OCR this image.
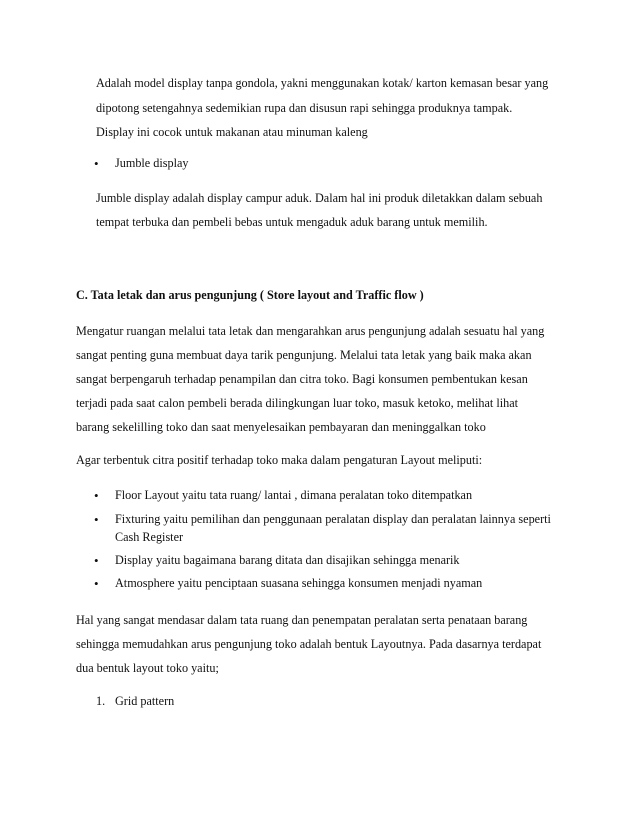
Adalah model display tanpa gondola, yakni menggunakan kotak/ karton kemasan besar yang
dipotong setengahnya sedemikian rupa dan disusun rapi sehingga produknya tampak.
Display ini cocok untuk makanan atau minuman kaleng
• Jumble display
Jumble display adalah display campur aduk. Dalam hal ini produk diletakkan dalam sebuah
tempat terbuka dan pembeli bebas untuk mengaduk aduk barang untuk memilih.
C. Tata letak dan arus pengunjung ( Store layout and Traffic flow )
Mengatur ruangan melalui tata letak dan mengarahkan arus pengunjung adalah sesuatu hal yang
sangat penting guna membuat daya tarik pengunjung. Melalui tata letak yang baik maka akan
sangat berpengaruh terhadap penampilan dan citra toko. Bagi konsumen pembentukan kesan
terjadi pada saat calon pembeli berada dilingkungan luar toko, masuk ketoko, melihat lihat
barang sekelilling toko dan saat menyelesaikan pembayaran dan meninggalkan toko
Agar terbentuk citra positif terhadap toko maka dalam pengaturan Layout meliputi:
• Floor Layout yaitu tata ruang/ lantai , dimana peralatan toko ditempatkan
• Fixturing yaitu pemilihan dan penggunaan peralatan display dan peralatan lainnya seperti
Cash Register
• Display yaitu bagaimana barang ditata dan disajikan sehingga menarik
• Atmosphere yaitu penciptaan suasana sehingga konsumen menjadi nyaman
Hal yang sangat mendasar dalam tata ruang dan penempatan peralatan serta penataan barang
sehingga memudahkan arus pengunjung toko adalah bentuk Layoutnya. Pada dasarnya terdapat
dua bentuk layout toko yaitu;
1. Grid pattern
